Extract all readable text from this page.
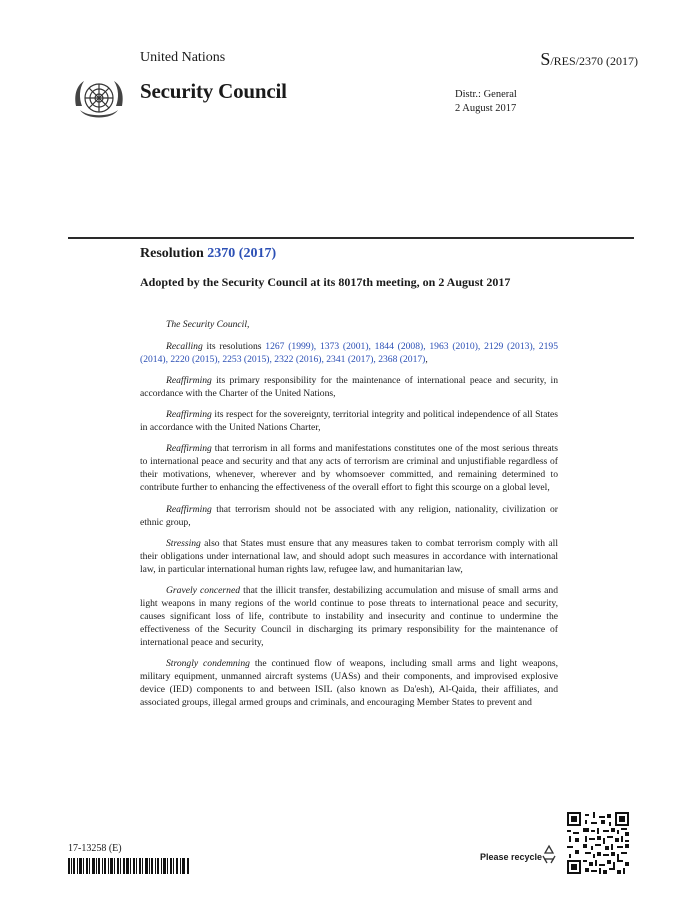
United Nations	S/RES/2370 (2017)
Security Council	Distr.: General
2 August 2017
Resolution 2370 (2017)
Adopted by the Security Council at its 8017th meeting, on 2 August 2017

The Security Council,

Recalling its resolutions 1267 (1999), 1373 (2001), 1844 (2008), 1963 (2010), 2129 (2013), 2195 (2014), 2220 (2015), 2253 (2015), 2322 (2016), 2341 (2017), 2368 (2017),

Reaffirming its primary responsibility for the maintenance of international peace and security, in accordance with the Charter of the United Nations,

Reaffirming its respect for the sovereignty, territorial integrity and political independence of all States in accordance with the United Nations Charter,

Reaffirming that terrorism in all forms and manifestations constitutes one of the most serious threats to international peace and security and that any acts of terrorism are criminal and unjustifiable regardless of their motivations, whenever, wherever and by whomsoever committed, and remaining determined to contribute further to enhancing the effectiveness of the overall effort to fight this scourge on a global level,

Reaffirming that terrorism should not be associated with any religion, nationality, civilization or ethnic group,

Stressing also that States must ensure that any measures taken to combat terrorism comply with all their obligations under international law, and should adopt such measures in accordance with international law, in particular international human rights law, refugee law, and humanitarian law,

Gravely concerned that the illicit transfer, destabilizing accumulation and misuse of small arms and light weapons in many regions of the world continue to pose threats to international peace and security, causes significant loss of life, contribute to instability and insecurity and continue to undermine the effectiveness of the Security Council in discharging its primary responsibility for the maintenance of international peace and security,

Strongly condemning the continued flow of weapons, including small arms and light weapons, military equipment, unmanned aircraft systems (UASs) and their components, and improvised explosive device (IED) components to and between ISIL (also known as Da'esh), Al-Qaida, their affiliates, and associated groups, illegal armed groups and criminals, and encouraging Member States to prevent and

17-13258 (E)
Please recycle
